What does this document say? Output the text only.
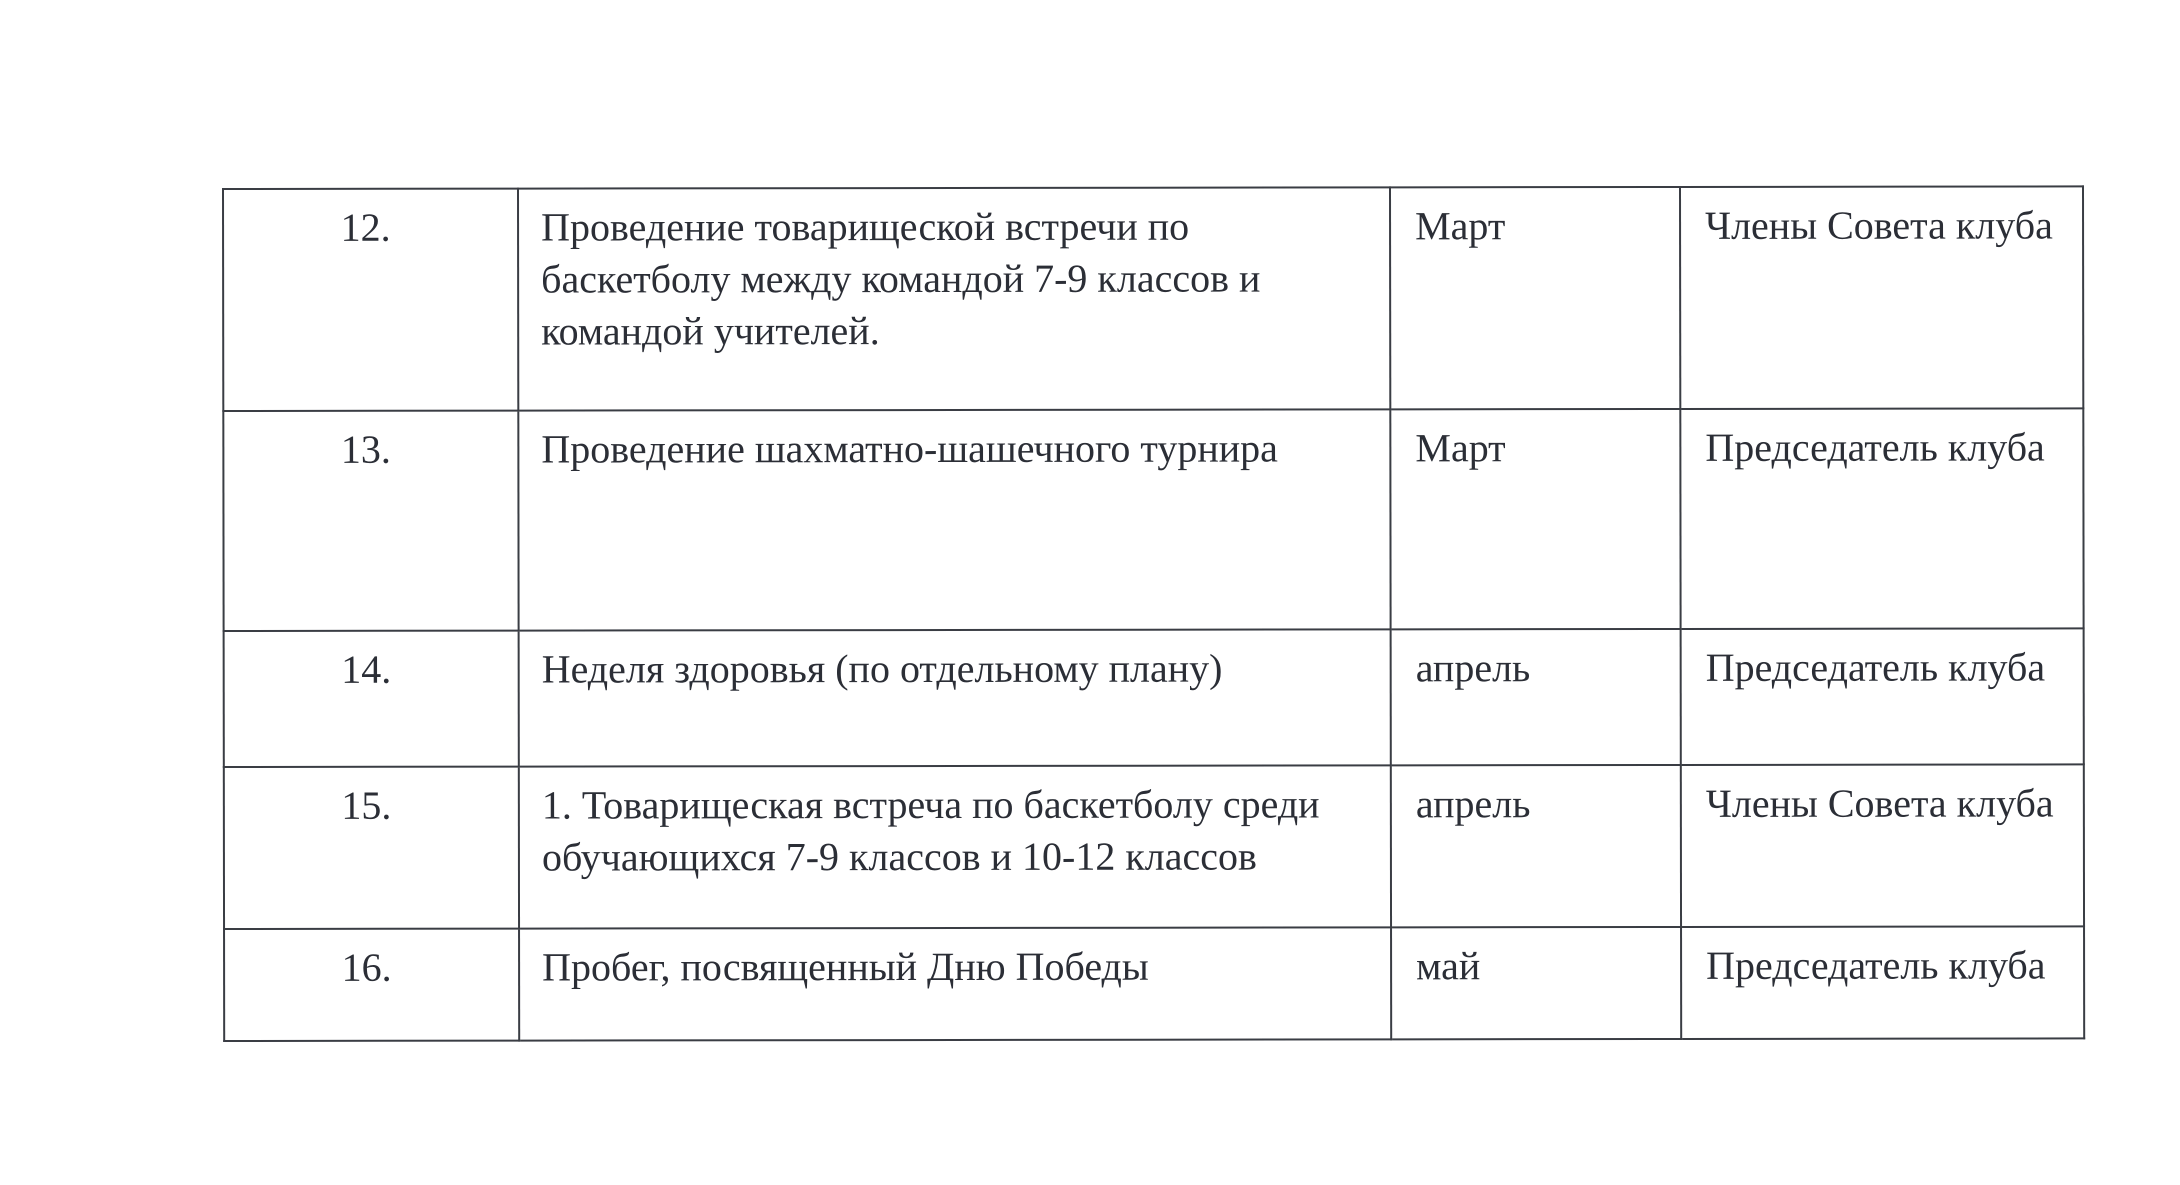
12.	Проведение товарищеской встречи по баскетболу между командой 7-9 классов и командой учителей.	Март	Члены Совета клуба
13.	Проведение шахматно-шашечного турнира	Март	Председатель клуба
14.	Неделя здоровья (по отдельному плану)	апрель	Председатель клуба
15.	1. Товарищеская встреча по баскетболу среди обучающихся 7-9 классов и 10-12 классов	апрель	Члены Совета клуба
16.	Пробег, посвященный Дню Победы	май	Председатель клуба
